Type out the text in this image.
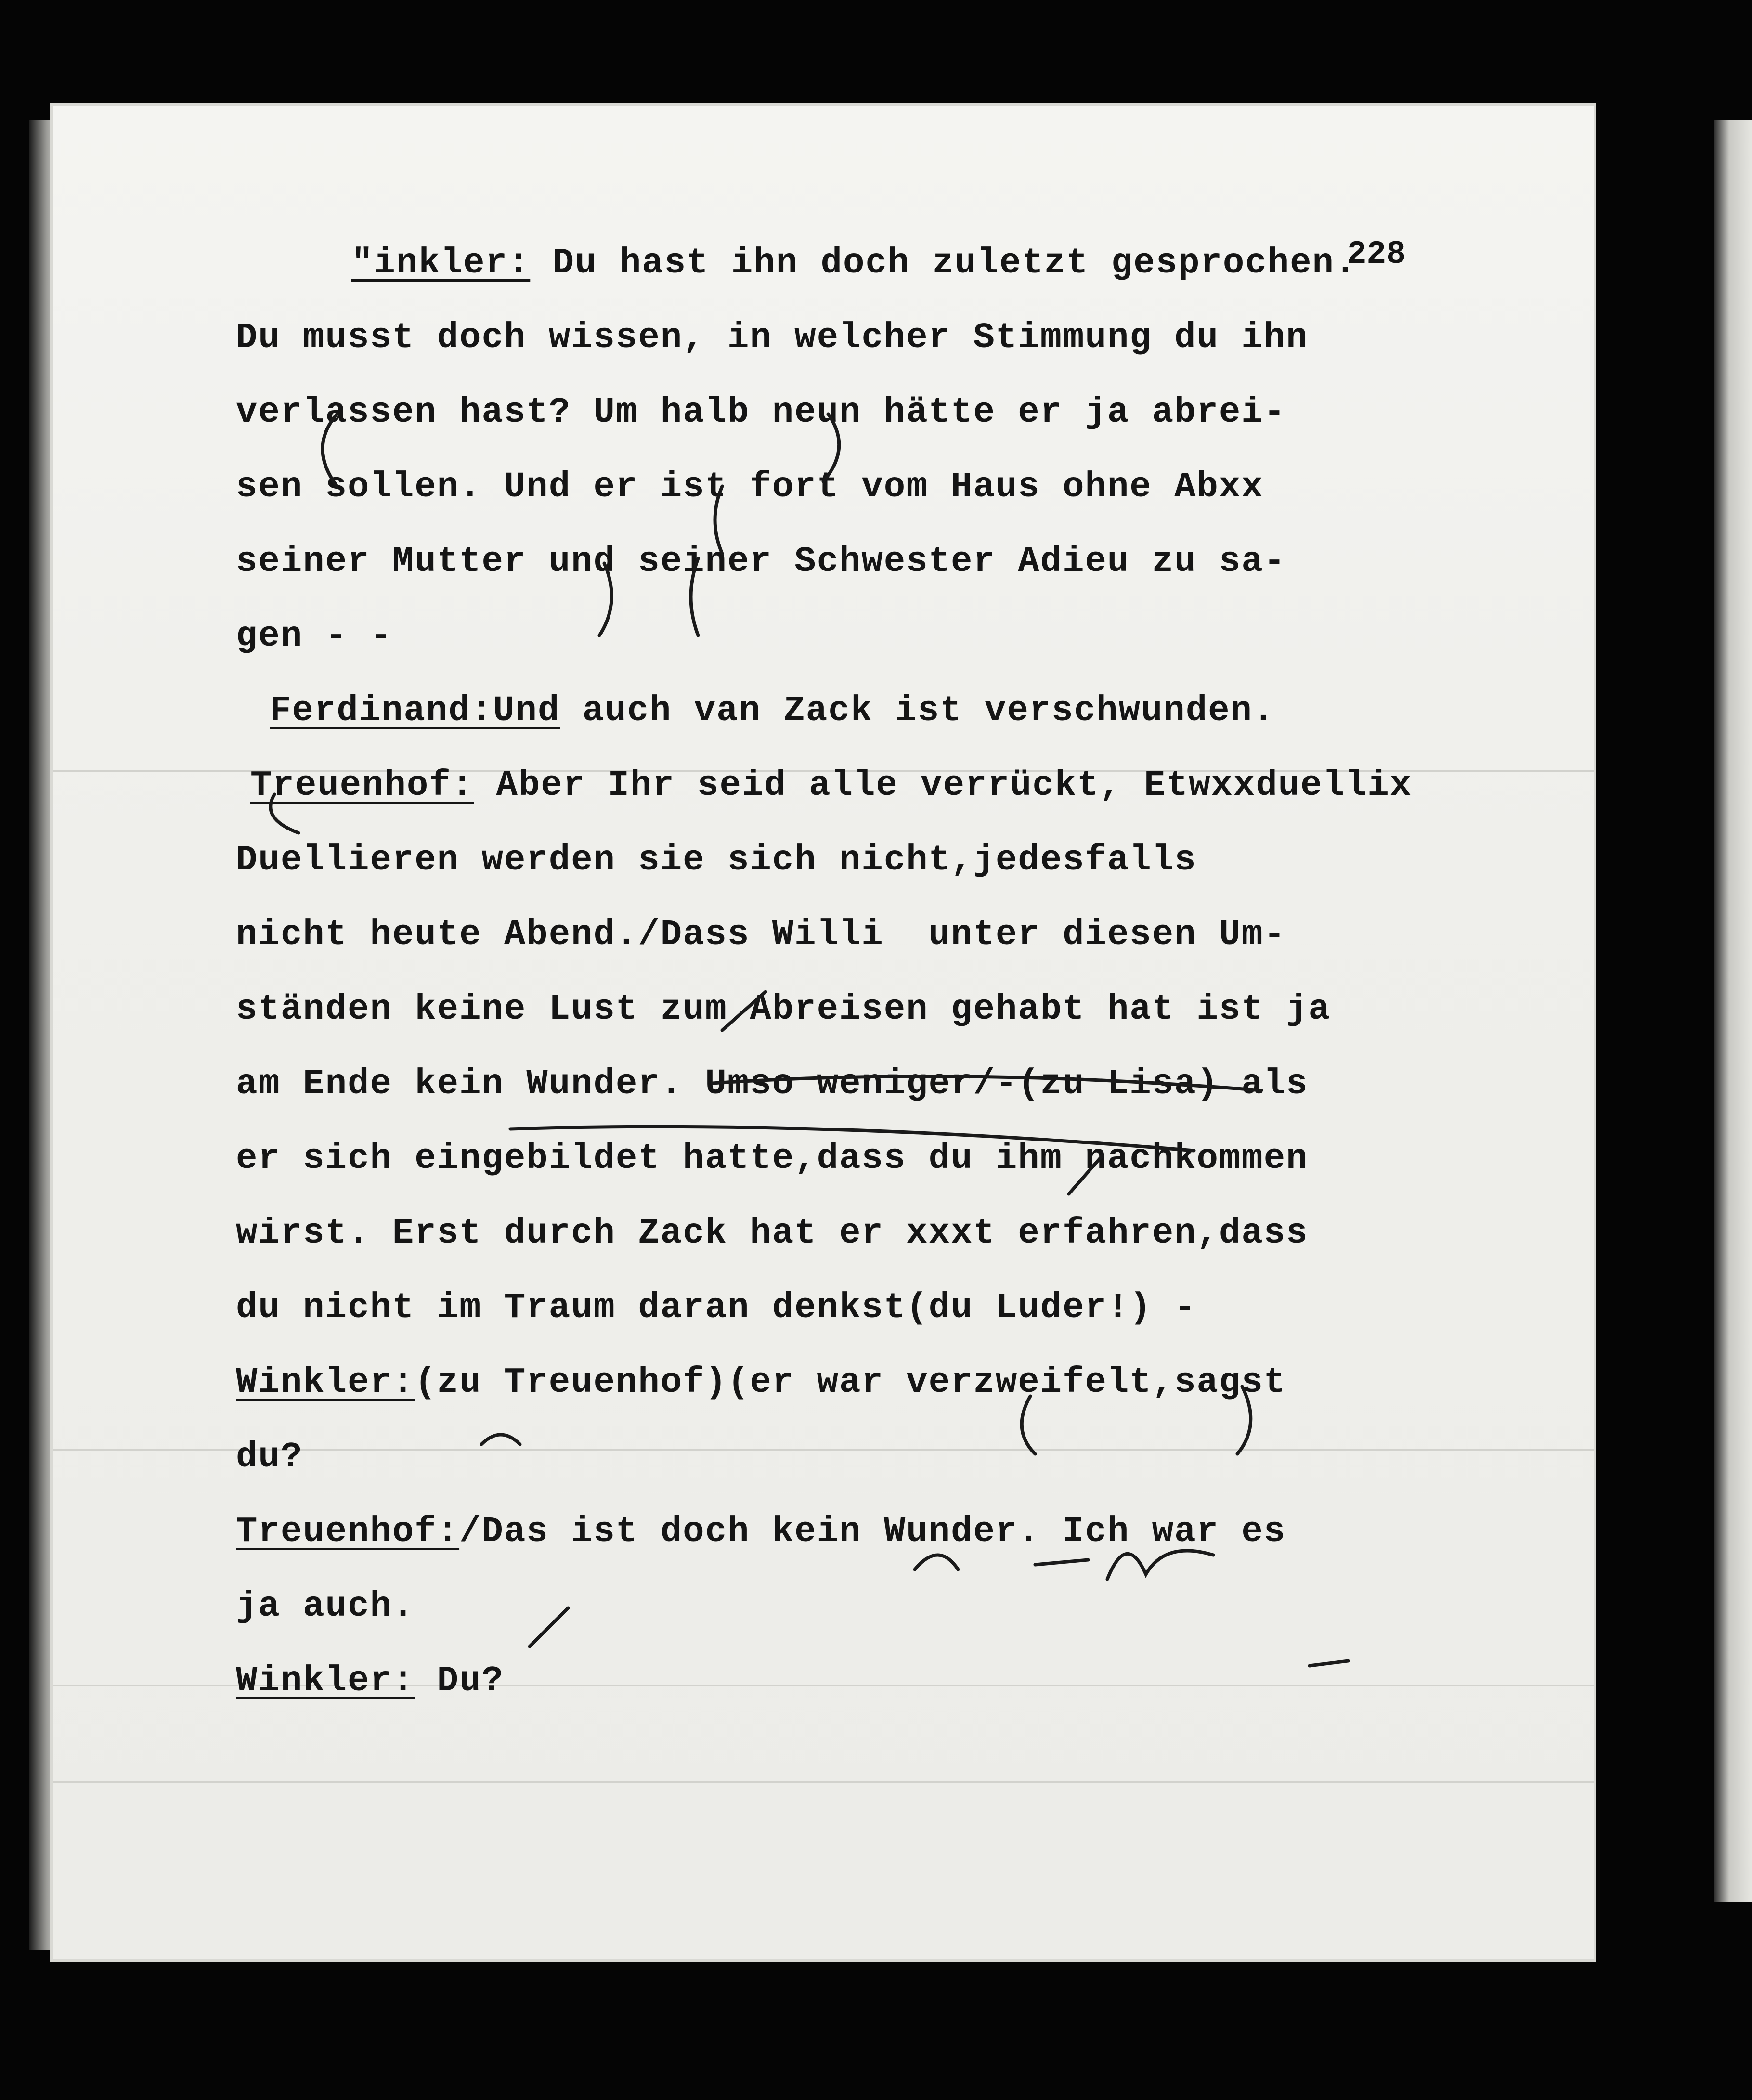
228
"inkler: Du hast ihn doch zuletzt gesprochen.
Du musst doch wissen, in welcher Stimmung du ihn
verlassen hast? Um halb neun hätte er ja abrei-
sen sollen. Und er ist fort vom Haus ohne Abxx
seiner Mutter und seiner Schwester Adieu zu sa-
gen - -
Ferdinand:Und auch van Zack ist verschwunden.
Treuenhof: Aber Ihr seid alle verrückt, Etwxxduellix
Duellieren werden sie sich nicht,jedesfalls
nicht heute Abend./Dass Willi  unter diesen Um-
ständen keine Lust zum Abreisen gehabt hat ist ja
am Ende kein Wunder. Umso weniger/-(zu Lisa) als
er sich eingebildet hatte,dass du ihm nachkommen
wirst. Erst durch Zack hat er xxxt erfahren,dass
du nicht im Traum daran denkst(du Luder!) -
Winkler:(zu Treuenhof)(er war verzweifelt,sagst
du?
Treuenhof:/Das ist doch kein Wunder. Ich war es
ja auch.
Winkler: Du?
